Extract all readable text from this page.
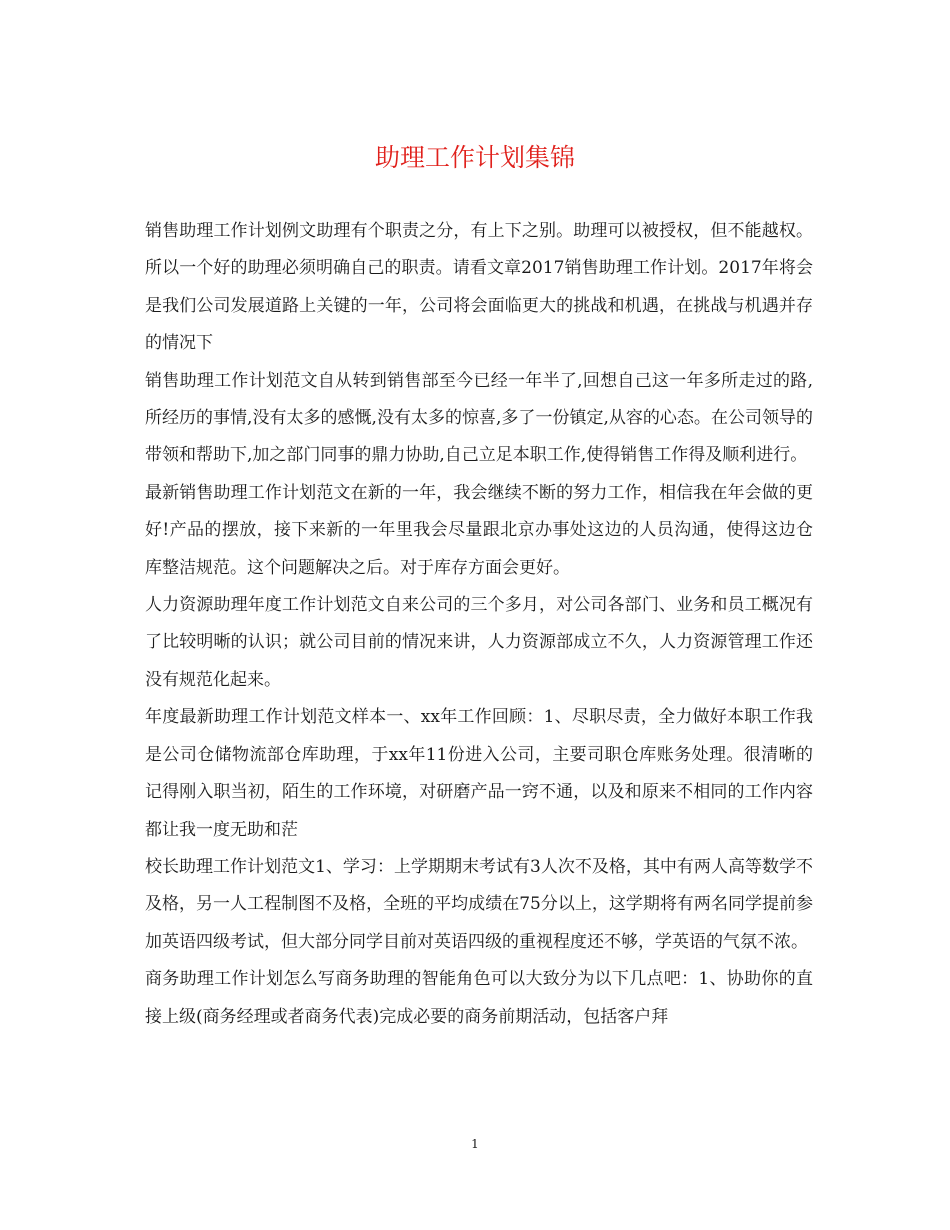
助理工作计划集锦

销售助理工作计划例文助理有个职责之分，有上下之别。助理可以被授权，但不能越权。所以一个好的助理必须明确自己的职责。请看文章2017销售助理工作计划。2017年将会是我们公司发展道路上关键的一年，公司将会面临更大的挑战和机遇，在挑战与机遇并存的情况下

销售助理工作计划范文自从转到销售部至今已经一年半了,回想自己这一年多所走过的路,所经历的事情,没有太多的感慨,没有太多的惊喜,多了一份镇定,从容的心态。在公司领导的带领和帮助下,加之部门同事的鼎力协助,自己立足本职工作,使得销售工作得及顺利进行。

最新销售助理工作计划范文在新的一年，我会继续不断的努力工作，相信我在年会做的更好!产品的摆放，接下来新的一年里我会尽量跟北京办事处这边的人员沟通，使得这边仓库整洁规范。这个问题解决之后。对于库存方面会更好。

人力资源助理年度工作计划范文自来公司的三个多月，对公司各部门、业务和员工概况有了比较明晰的认识；就公司目前的情况来讲，人力资源部成立不久，人力资源管理工作还没有规范化起来。

年度最新助理工作计划范文样本一、xx年工作回顾：1、尽职尽责，全力做好本职工作我是公司仓储物流部仓库助理，于xx年11份进入公司，主要司职仓库账务处理。很清晰的记得刚入职当初，陌生的工作环境，对研磨产品一窍不通，以及和原来不相同的工作内容都让我一度无助和茫

校长助理工作计划范文1、学习：上学期期末考试有3人次不及格，其中有两人高等数学不及格，另一人工程制图不及格，全班的平均成绩在75分以上，这学期将有两名同学提前参加英语四级考试，但大部分同学目前对英语四级的重视程度还不够，学英语的气氛不浓。

商务助理工作计划怎么写商务助理的智能角色可以大致分为以下几点吧：1、协助你的直接上级(商务经理或者商务代表)完成必要的商务前期活动，包括客户拜

1
